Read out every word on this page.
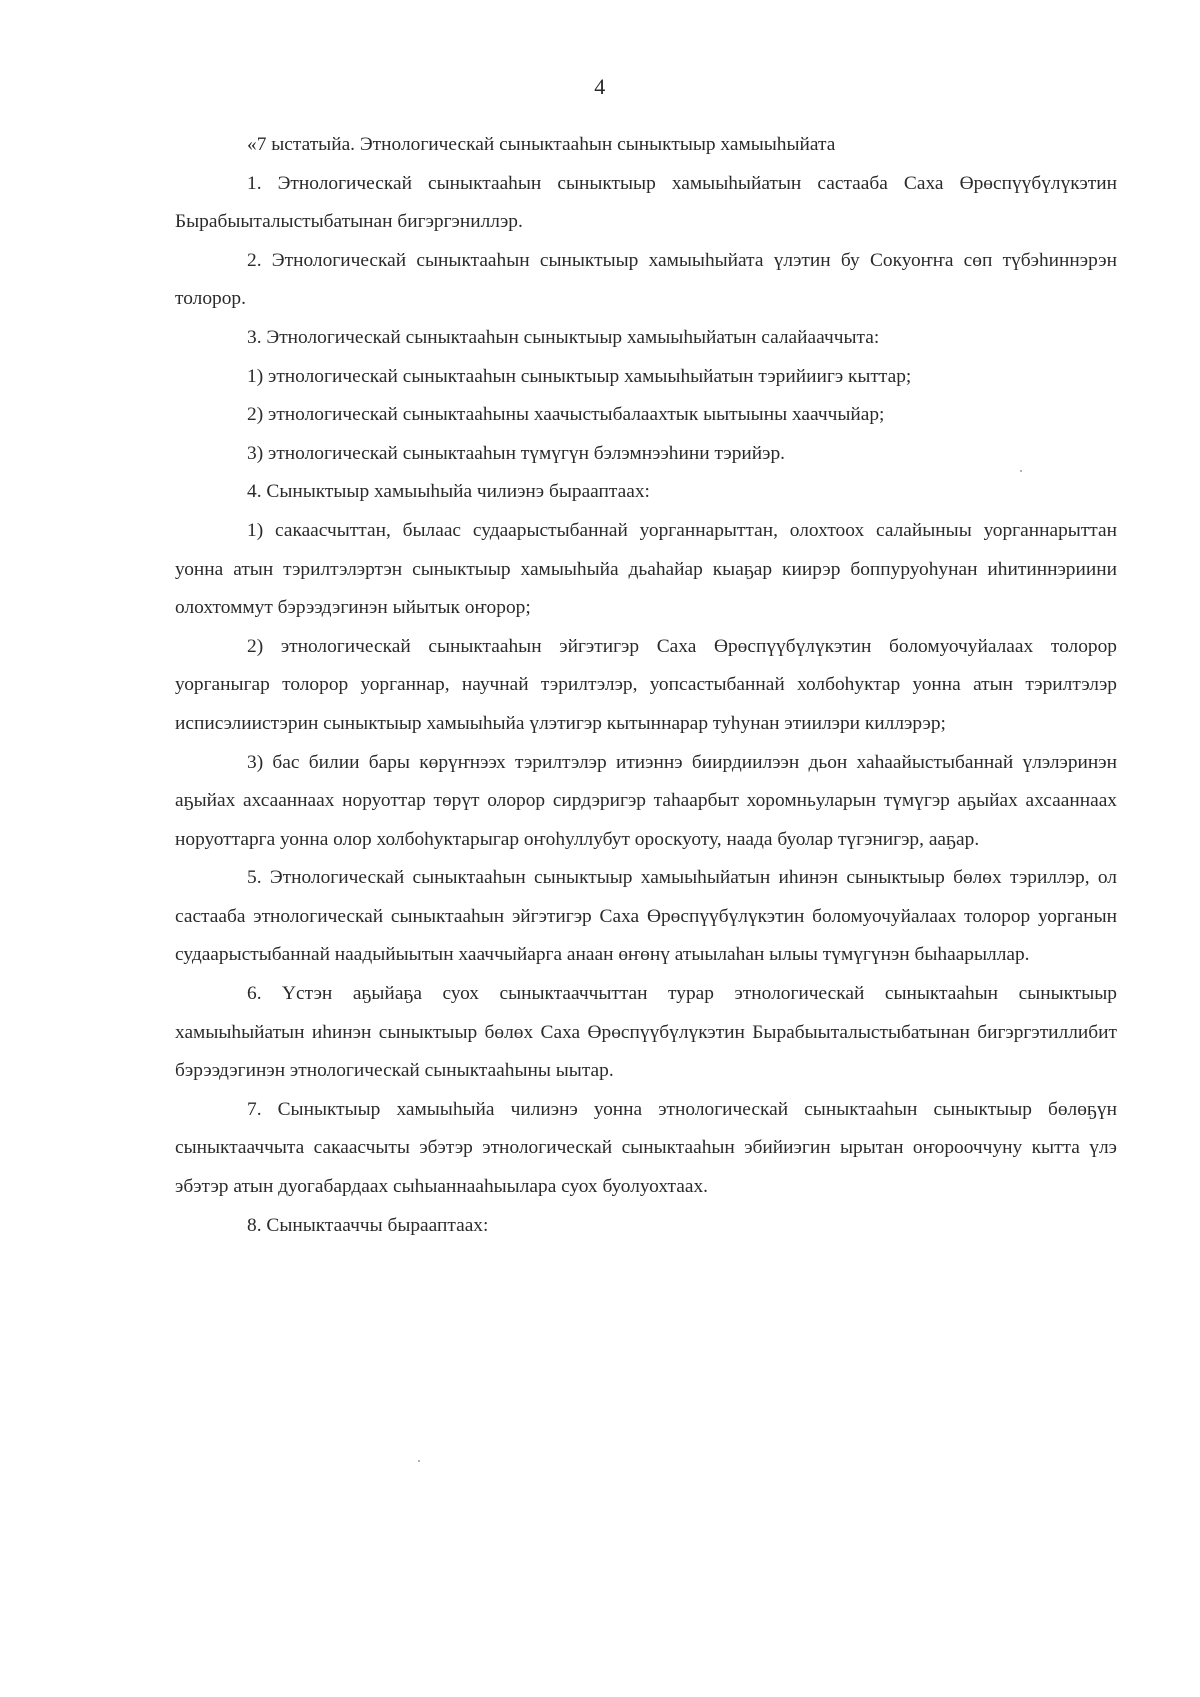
4

«7 ыстатыйа. Этнологическай сыныктааһын сыныктыыр хамыыһыйата

1. Этнологическай сыныктааһын сыныктыыр хамыыһыйатын састааба Саха Өрөспүүбүлүкэтин Бырабыыталыстыбатынан бигэргэниллэр.

2. Этнологическай сыныктааһын сыныктыыр хамыыһыйата үлэтин бу Сокуоҥҥа сөп түбэһиннэрэн толорор.

3. Этнологическай сыныктааһын сыныктыыр хамыыһыйатын салайааччыта:

1) этнологическай сыныктааһын сыныктыыр хамыыһыйатын тэрийиигэ кыттар;

2) этнологическай сыныктааһыны хаачыстыбалаахтык ыытыыны хааччыйар;

3) этнологическай сыныктааһын түмүгүн бэлэмнээһини тэрийэр.

4. Сыныктыыр хамыыһыйа чилиэнэ бырааптаах:

1) сакаасчыттан, былаас судаарыстыбаннай уорганнарыттан, олохтоох салайыныы уорганнарыттан уонна атын тэрилтэлэртэн сыныктыыр хамыыһыйа дьаһайар кыаҕар киирэр боппуруоһунан иһитиннэриини олохтоммут бэрээдэгинэн ыйытык оҥорор;

2) этнологическай сыныктааһын эйгэтигэр Саха Өрөспүүбүлүкэтин боломуочуйалаах толорор уорганыгар толорор уорганнар, научнай тэрилтэлэр, уопсастыбаннай холбоһуктар уонна атын тэрилтэлэр исписэлиистэрин сыныктыыр хамыыһыйа үлэтигэр кытыннарар туһунан этиилэри киллэрэр;

3) бас билии бары көрүҥнээх тэрилтэлэр итиэннэ биирдиилээн дьон хаһаайыстыбаннай үлэлэринэн аҕыйах ахсааннаах норуоттар төрүт олорор сирдэригэр таһаарбыт хоромньуларын түмүгэр аҕыйах ахсааннаах норуоттарга уонна олор холбоһуктарыгар оҥоһуллубут ороскуоту, наада буолар түгэнигэр, ааҕар.

5. Этнологическай сыныктааһын сыныктыыр хамыыһыйатын иһинэн сыныктыыр бөлөх тэриллэр, ол састааба этнологическай сыныктааһын эйгэтигэр Саха Өрөспүүбүлүкэтин боломуочуйалаах толорор уорганын судаарыстыбаннай наадыйыытын хааччыйарга анаан өҥөнү атыылаһан ылыы түмүгүнэн быһаарыллар.

6. Үстэн аҕыйаҕа суох сыныктааччыттан турар этнологическай сыныктааһын сыныктыыр хамыыһыйатын иһинэн сыныктыыр бөлөх Саха Өрөспүүбүлүкэтин Бырабыыталыстыбатынан бигэргэтиллибит бэрээдэгинэн этнологическай сыныктааһыны ыытар.

7. Сыныктыыр хамыыһыйа чилиэнэ уонна этнологическай сыныктааһын сыныктыыр бөлөҕүн сыныктааччыта сакаасчыты эбэтэр этнологическай сыныктааһын эбийиэгин ырытан оҥорооччуну кытта үлэ эбэтэр атын дуогабардаах сыһыаннааһыылара суох буолуохтаах.

8. Сыныктааччы бырааптаах:
